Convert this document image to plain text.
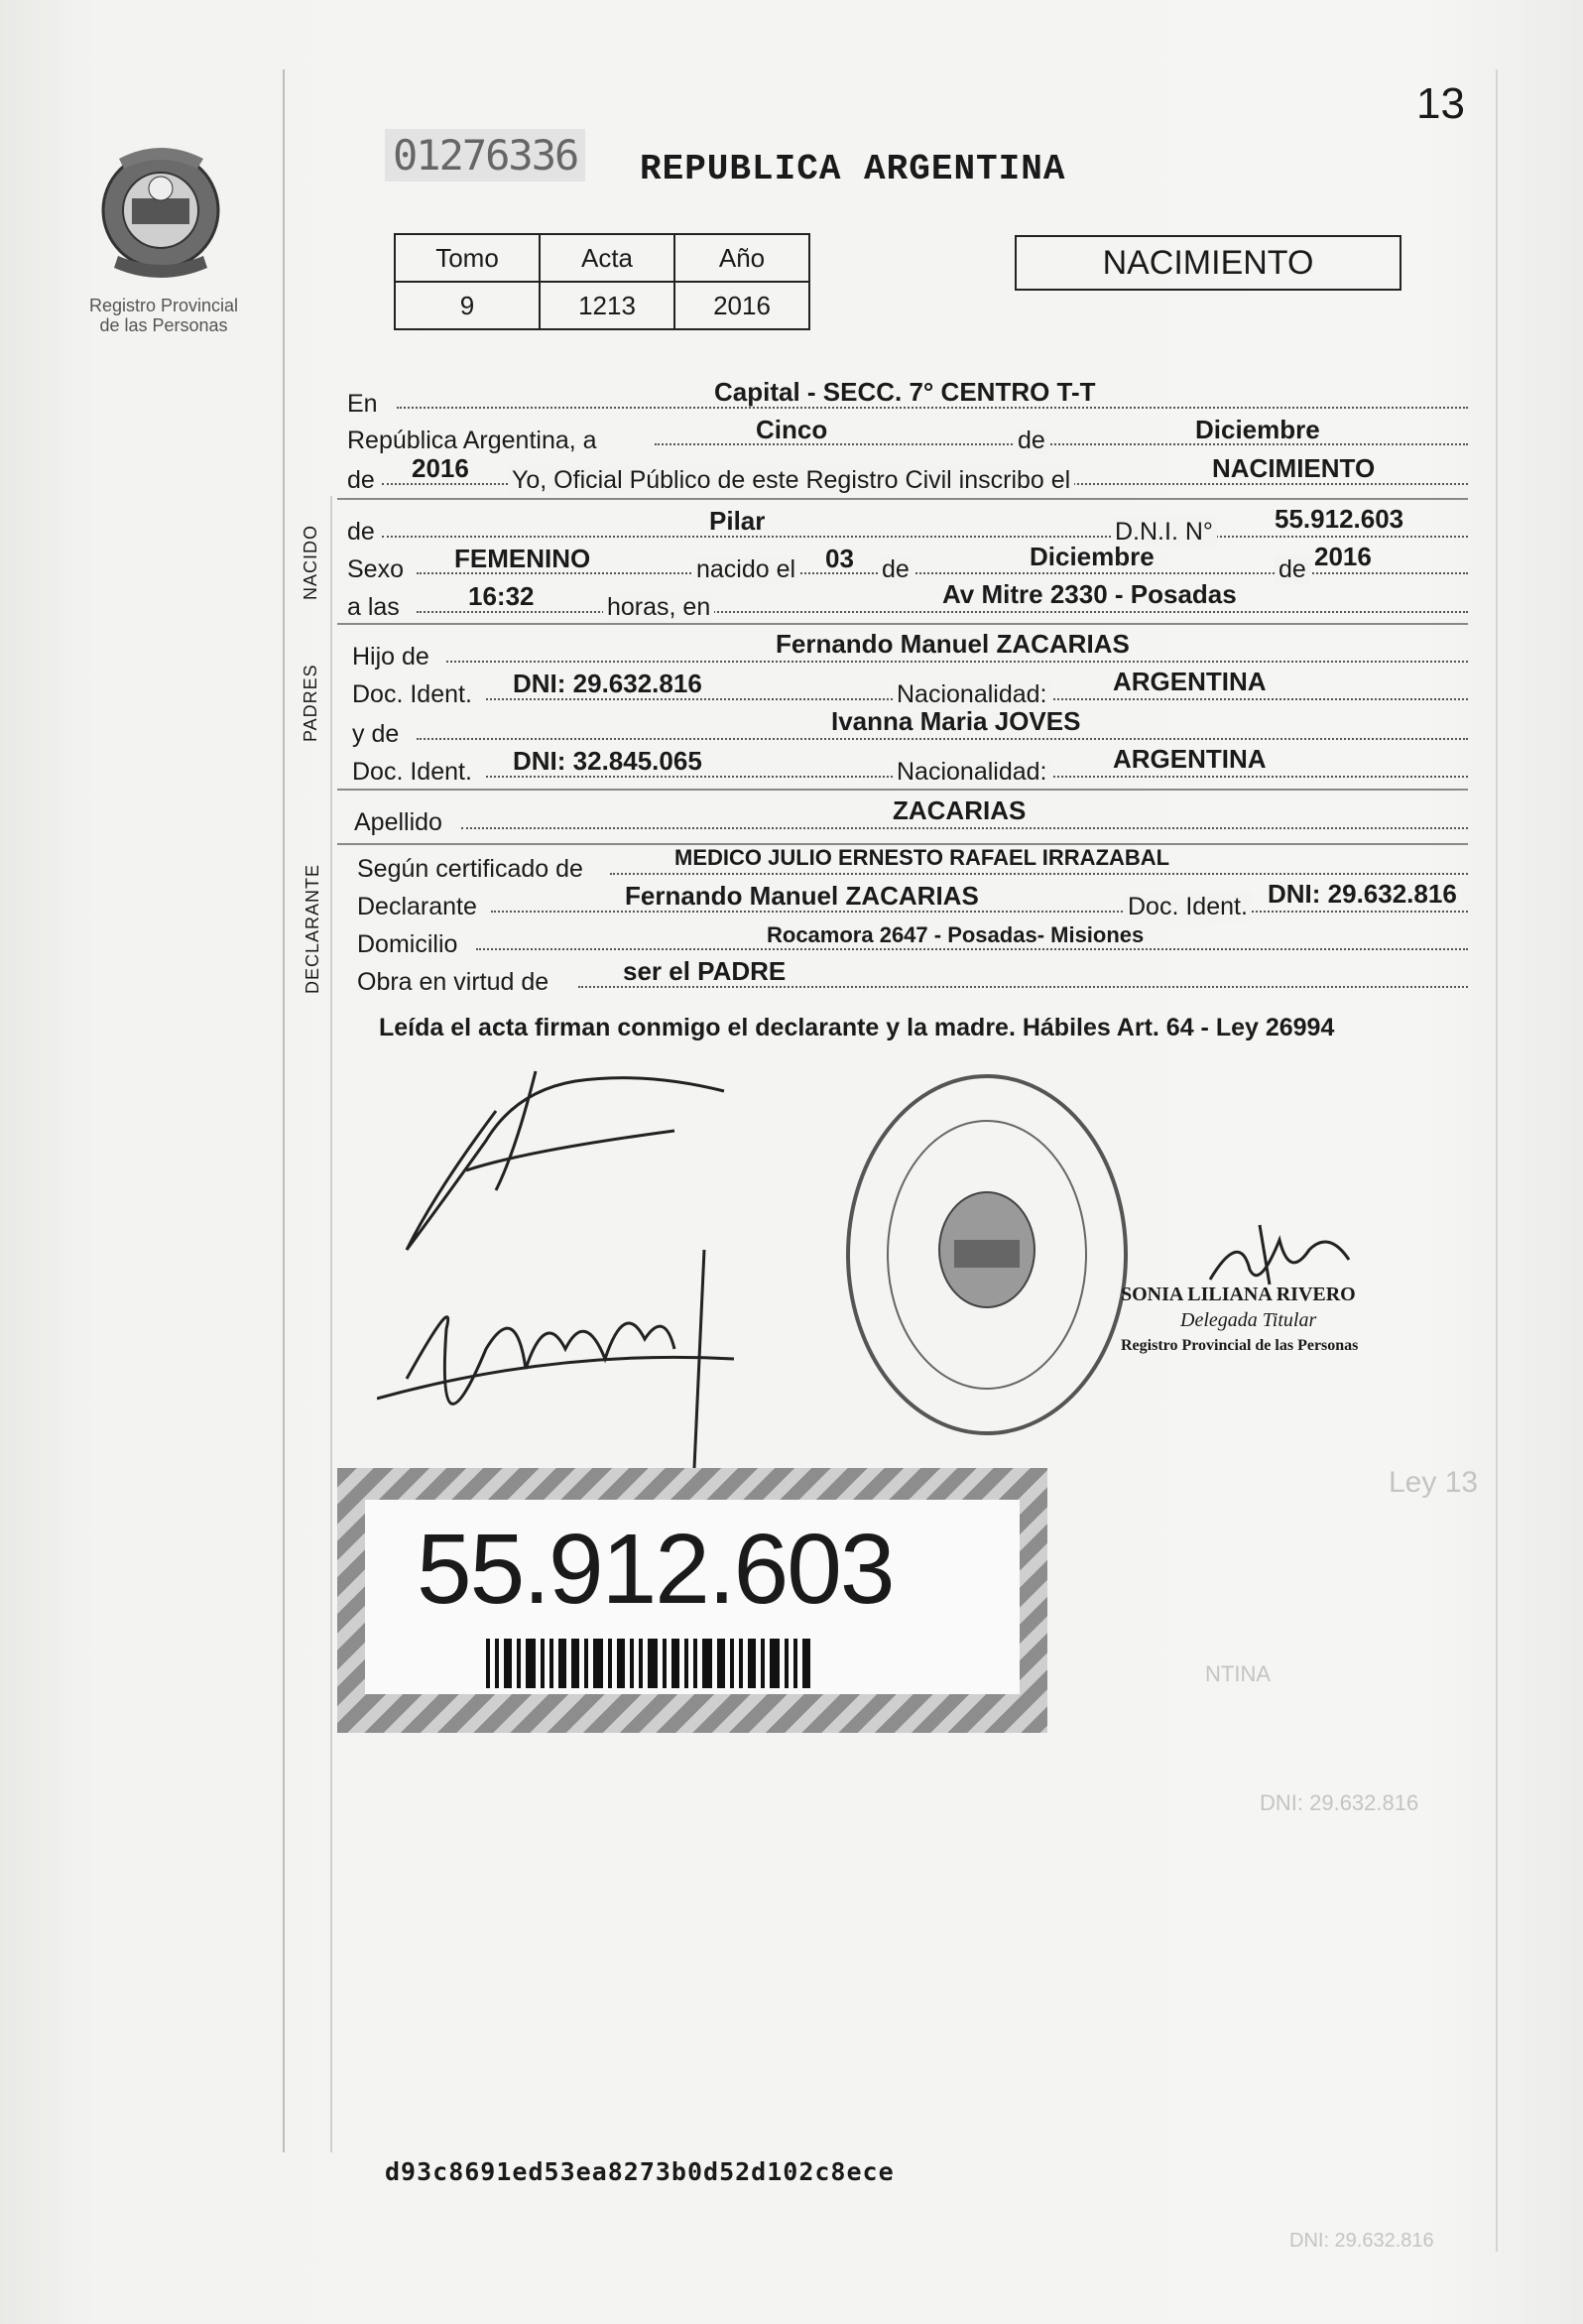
DNI: 29.632.816
Ley 13
NTINA
DNI: 29.632.816
Registro Provincial
de las Personas
01276336 REPUBLICA ARGENTINA
13
Tomo	Acta	Año
9	1213	2016
NACIMIENTO
En	Capital - SECC. 7° CENTRO T-T
República Argentina, a	Cinco	de	Diciembre
de 2016 Yo, Oficial Público de este Registro Civil inscribo el	NACIMIENTO
NACIDO de	Pilar	D.N.I. N° 55.912.603
Sexo FEMENINO	nacido el 03 de	Diciembre	de 2016
a las	16:32	horas, en	Av Mitre 2330 - Posadas
PADRES
Hijo de	Fernando Manuel ZACARIAS
Doc. Ident. DNI: 29.632.816	Nacionalidad:	ARGENTINA
y de	Ivanna Maria JOVES
Doc. Ident. DNI: 32.845.065	Nacionalidad:	ARGENTINA
Apellido	ZACARIAS
DECLARANTE Según certificado de	MEDICO JULIO ERNESTO RAFAEL IRRAZABAL
Declarante	Fernando Manuel ZACARIAS	Doc. Ident. DNI: 29.632.816
Domicilio	Rocamora 2647 - Posadas- Misiones
Obra en virtud de	ser el PADRE
Leída el acta firman conmigo el declarante y la madre. Hábiles Art. 64 - Ley 26994
SONIA LILIANA RIVERO
Delegada Titular
Registro Provincial de las Personas
55.912.603
d93c8691ed53ea8273b0d52d102c8ece
